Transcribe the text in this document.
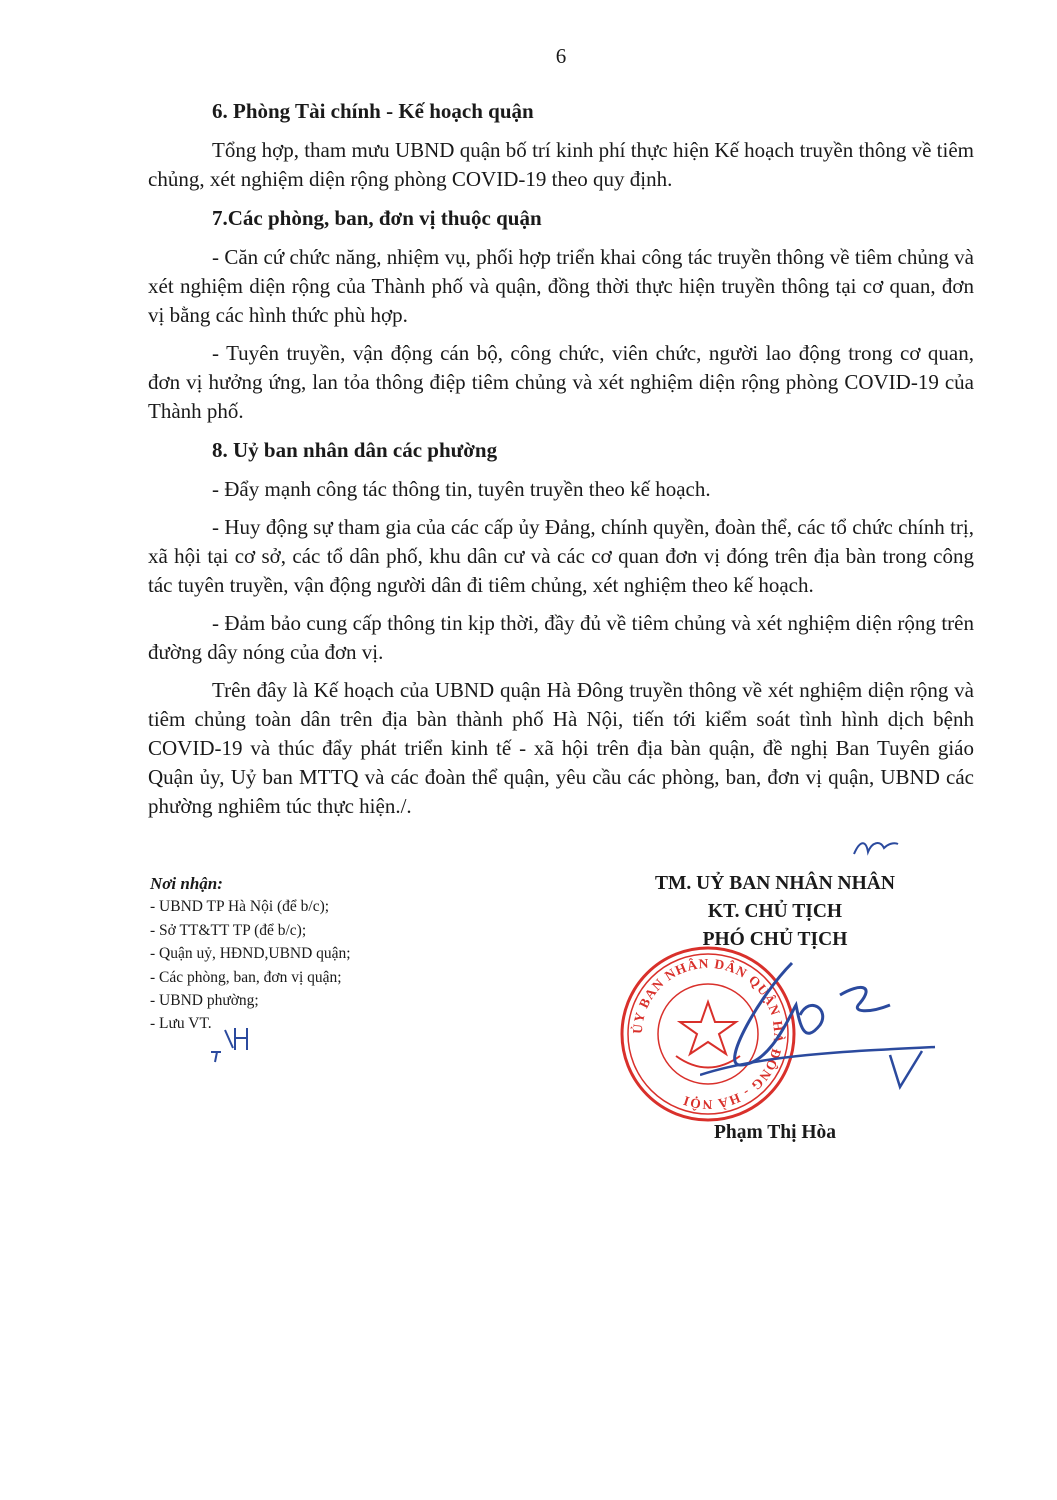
6
6. Phòng Tài chính - Kế hoạch quận

Tổng hợp, tham mưu UBND quận bố trí kinh phí thực hiện Kế hoạch truyền thông về tiêm chủng, xét nghiệm diện rộng phòng COVID-19 theo quy định.

7.Các phòng, ban, đơn vị thuộc quận

- Căn cứ chức năng, nhiệm vụ, phối hợp triển khai công tác truyền thông về tiêm chủng và xét nghiệm diện rộng của Thành phố và quận, đồng thời thực hiện truyền thông tại cơ quan, đơn vị bằng các hình thức phù hợp.

- Tuyên truyền, vận động cán bộ, công chức, viên chức, người lao động trong cơ quan, đơn vị hưởng ứng, lan tỏa thông điệp tiêm chủng và xét nghiệm diện rộng phòng COVID-19 của Thành phố.

8. Uỷ ban nhân dân các phường

- Đẩy mạnh công tác thông tin, tuyên truyền theo kế hoạch.

- Huy động sự tham gia của các cấp ủy Đảng, chính quyền, đoàn thể, các tổ chức chính trị, xã hội tại cơ sở, các tổ dân phố, khu dân cư và các cơ quan đơn vị đóng trên địa bàn trong công tác tuyên truyền, vận động người dân đi tiêm chủng, xét nghiệm theo kế hoạch.

- Đảm bảo cung cấp thông tin kịp thời, đầy đủ về tiêm chủng và xét nghiệm diện rộng trên đường dây nóng của đơn vị.

Trên đây là Kế hoạch của UBND quận Hà Đông truyền thông về xét nghiệm diện rộng và tiêm chủng toàn dân trên địa bàn thành phố Hà Nội, tiến tới kiểm soát tình hình dịch bệnh COVID-19 và thúc đẩy phát triển kinh tế - xã hội trên địa bàn quận, đề nghị Ban Tuyên giáo Quận ủy, Uỷ ban MTTQ và các đoàn thể quận, yêu cầu các phòng, ban, đơn vị quận, UBND các phường nghiêm túc thực hiện./.

Nơi nhận:
- UBND TP Hà Nội (để b/c);
- Sở TT&TT TP (để b/c);
- Quận uỷ, HĐND,UBND quận;
- Các phòng, ban, đơn vị quận;
- UBND phường;
- Lưu VT.
TM. UỶ BAN NHÂN NHÂN
KT. CHỦ TỊCH
PHÓ CHỦ TỊCH
ỦY BAN NHÂN DÂN QUẬN HÀ ĐÔNG - HÀ NỘI
Phạm Thị Hòa
